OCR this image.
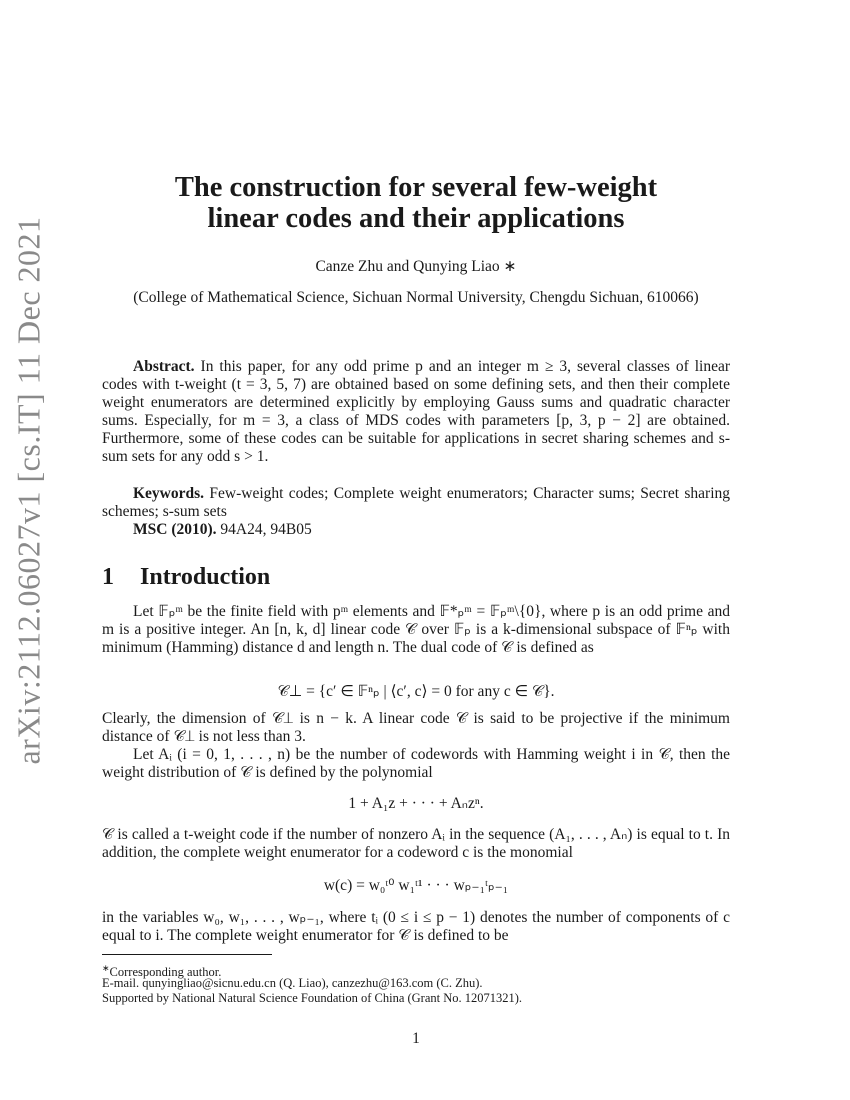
arXiv:2112.06027v1 [cs.IT] 11 Dec 2021
The construction for several few-weight
linear codes and their applications
Canze Zhu and Qunying Liao ∗
(College of Mathematical Science, Sichuan Normal University, Chengdu Sichuan, 610066)
Abstract. In this paper, for any odd prime p and an integer m ≥ 3, several classes of linear codes with t-weight (t = 3, 5, 7) are obtained based on some defining sets, and then their complete weight enumerators are determined explicitly by employing Gauss sums and quadratic character sums. Especially, for m = 3, a class of MDS codes with parameters [p, 3, p − 2] are obtained. Furthermore, some of these codes can be suitable for applications in secret sharing schemes and s-sum sets for any odd s > 1.
Keywords. Few-weight codes; Complete weight enumerators; Character sums; Secret sharing schemes; s-sum sets
MSC (2010). 94A24, 94B05
1 Introduction
Let 𝔽ₚᵐ be the finite field with pᵐ elements and 𝔽*ₚᵐ = 𝔽ₚᵐ\{0}, where p is an odd prime and m is a positive integer. An [n, k, d] linear code 𝒞 over 𝔽ₚ is a k-dimensional subspace of 𝔽ⁿₚ with minimum (Hamming) distance d and length n. The dual code of 𝒞 is defined as
𝒞⊥ = {c′ ∈ 𝔽ⁿₚ | ⟨c′, c⟩ = 0 for any c ∈ 𝒞}.
Clearly, the dimension of 𝒞⊥ is n − k. A linear code 𝒞 is said to be projective if the minimum distance of 𝒞⊥ is not less than 3.
Let Aᵢ (i = 0, 1, . . . , n) be the number of codewords with Hamming weight i in 𝒞, then the weight distribution of 𝒞 is defined by the polynomial
1 + A₁z + · · · + Aₙzⁿ.
𝒞 is called a t-weight code if the number of nonzero Aᵢ in the sequence (A₁, . . . , Aₙ) is equal to t. In addition, the complete weight enumerator for a codeword c is the monomial
w(c) = w₀ᵗ⁰ w₁ᵗ¹ · · · wₚ₋₁ᵗₚ₋₁
in the variables w₀, w₁, . . . , wₚ₋₁, where tᵢ (0 ≤ i ≤ p − 1) denotes the number of components of c equal to i. The complete weight enumerator for 𝒞 is defined to be
∗Corresponding author.
E-mail. qunyingliao@sicnu.edu.cn (Q. Liao), canzezhu@163.com (C. Zhu).
Supported by National Natural Science Foundation of China (Grant No. 12071321).
1
